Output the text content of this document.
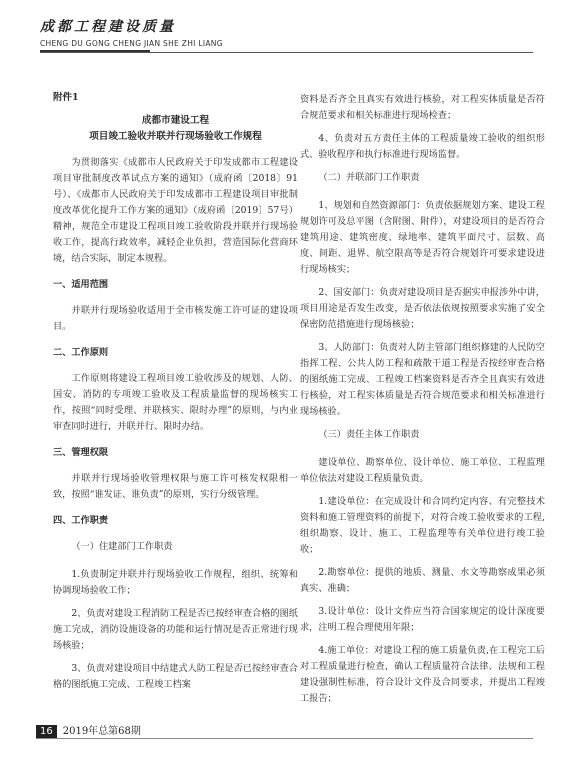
成都工程建设质量
CHENG DU GONG CHENG JIAN SHE ZHI LIANG

附件1

成都市建设工程
项目竣工验收并联并行现场验收工作规程

为贯彻落实《成都市人民政府关于印发成都市工程建设项目审批制度改革试点方案的通知》（成府函〔2018〕91号）、《成都市人民政府关于印发成都市工程建设项目审批制度改革优化提升工作方案的通知》（成府函〔2019〕57号）精神，规范全市建设工程项目竣工验收阶段并联并行现场验收工作，提高行政效率，减轻企业负担，营造国际化营商环境，结合实际，制定本规程。

一、适用范围

并联并行现场验收适用于全市核发施工许可证的建设项目。

二、工作原则

工作原则将建设工程项目竣工验收涉及的规划、人防、国安、消防的专项竣工验收及工程质量监督的现场核实工作，按照“同时受理、并联核实、限时办理”的原则，与内业审查同时进行，并联并行、限时办结。

三、管理权限

并联并行现场验收管理权限与施工许可核发权限相一致，按照“谁发证、谁负责”的原则，实行分级管理。

四、工作职责

（一）住建部门工作职责

1.负责制定并联并行现场验收工作规程，组织、统筹和协调现场验收工作；

2、负责对建设工程消防工程是否已按经审查合格的图纸施工完成，消防设施设备的功能和运行情况是否正常进行现场核验；

3、负责对建设项目中结建式人防工程是否已按经审查合格的图纸施工完成、工程竣工档案

资料是否齐全且真实有效进行核验，对工程实体质量是否符合规范要求和相关标准进行现场检查；

4、负责对五方责任主体的工程质量竣工验收的组织形式、验收程序和执行标准进行现场监督。

（二）并联部门工作职责

1、规划和自然资源部门：负责依据规划方案、建设工程规划许可及总平图（含附图、附件），对建设项目的是否符合建筑用途、建筑密度、绿地率、建筑平面尺寸、层数、高度、间距、退界、航空限高等是否符合规划许可要求建设进行现场核实；

2、国安部门：负责对建设项目是否据实申报涉外中讲，项目用途是否发生改变，是否依法依规按照要求实施了安全保密防范措施进行现场核验；

3、人防部门：负责对人防主管部门组织修建的人民防空指挥工程、公共人防工程和疏散干道工程是否按经审查合格的图纸施工完成、工程竣工档案资料是否齐全且真实有效进行核验，对工程实体质量是否符合规范要求和相关标准进行现场核验。

（三）责任主体工作职责

建设单位、勘察单位、设计单位、施工单位、工程监理单位依法对建设工程质量负责。

1.建设单位：在完成设计和合同约定内容、有完整技术资料和施工管理资料的前提下，对符合竣工验收要求的工程,组织勘察、设计、施工、工程监理等有关单位进行竣工验收；

2.勘察单位：提供的地质、测量、水文等勘察成果必须真实、准确；

3.设计单位：设计文件应当符合国家规定的设计深度要求，注明工程合理使用年限；

4.施工单位：对建设工程的施工质量负责,在工程完工后对工程质量进行检查，确认工程质量符合法律、法规和工程建设强制性标准，符合设计文件及合同要求，并提出工程竣工报告；

16 2019年总第68期
